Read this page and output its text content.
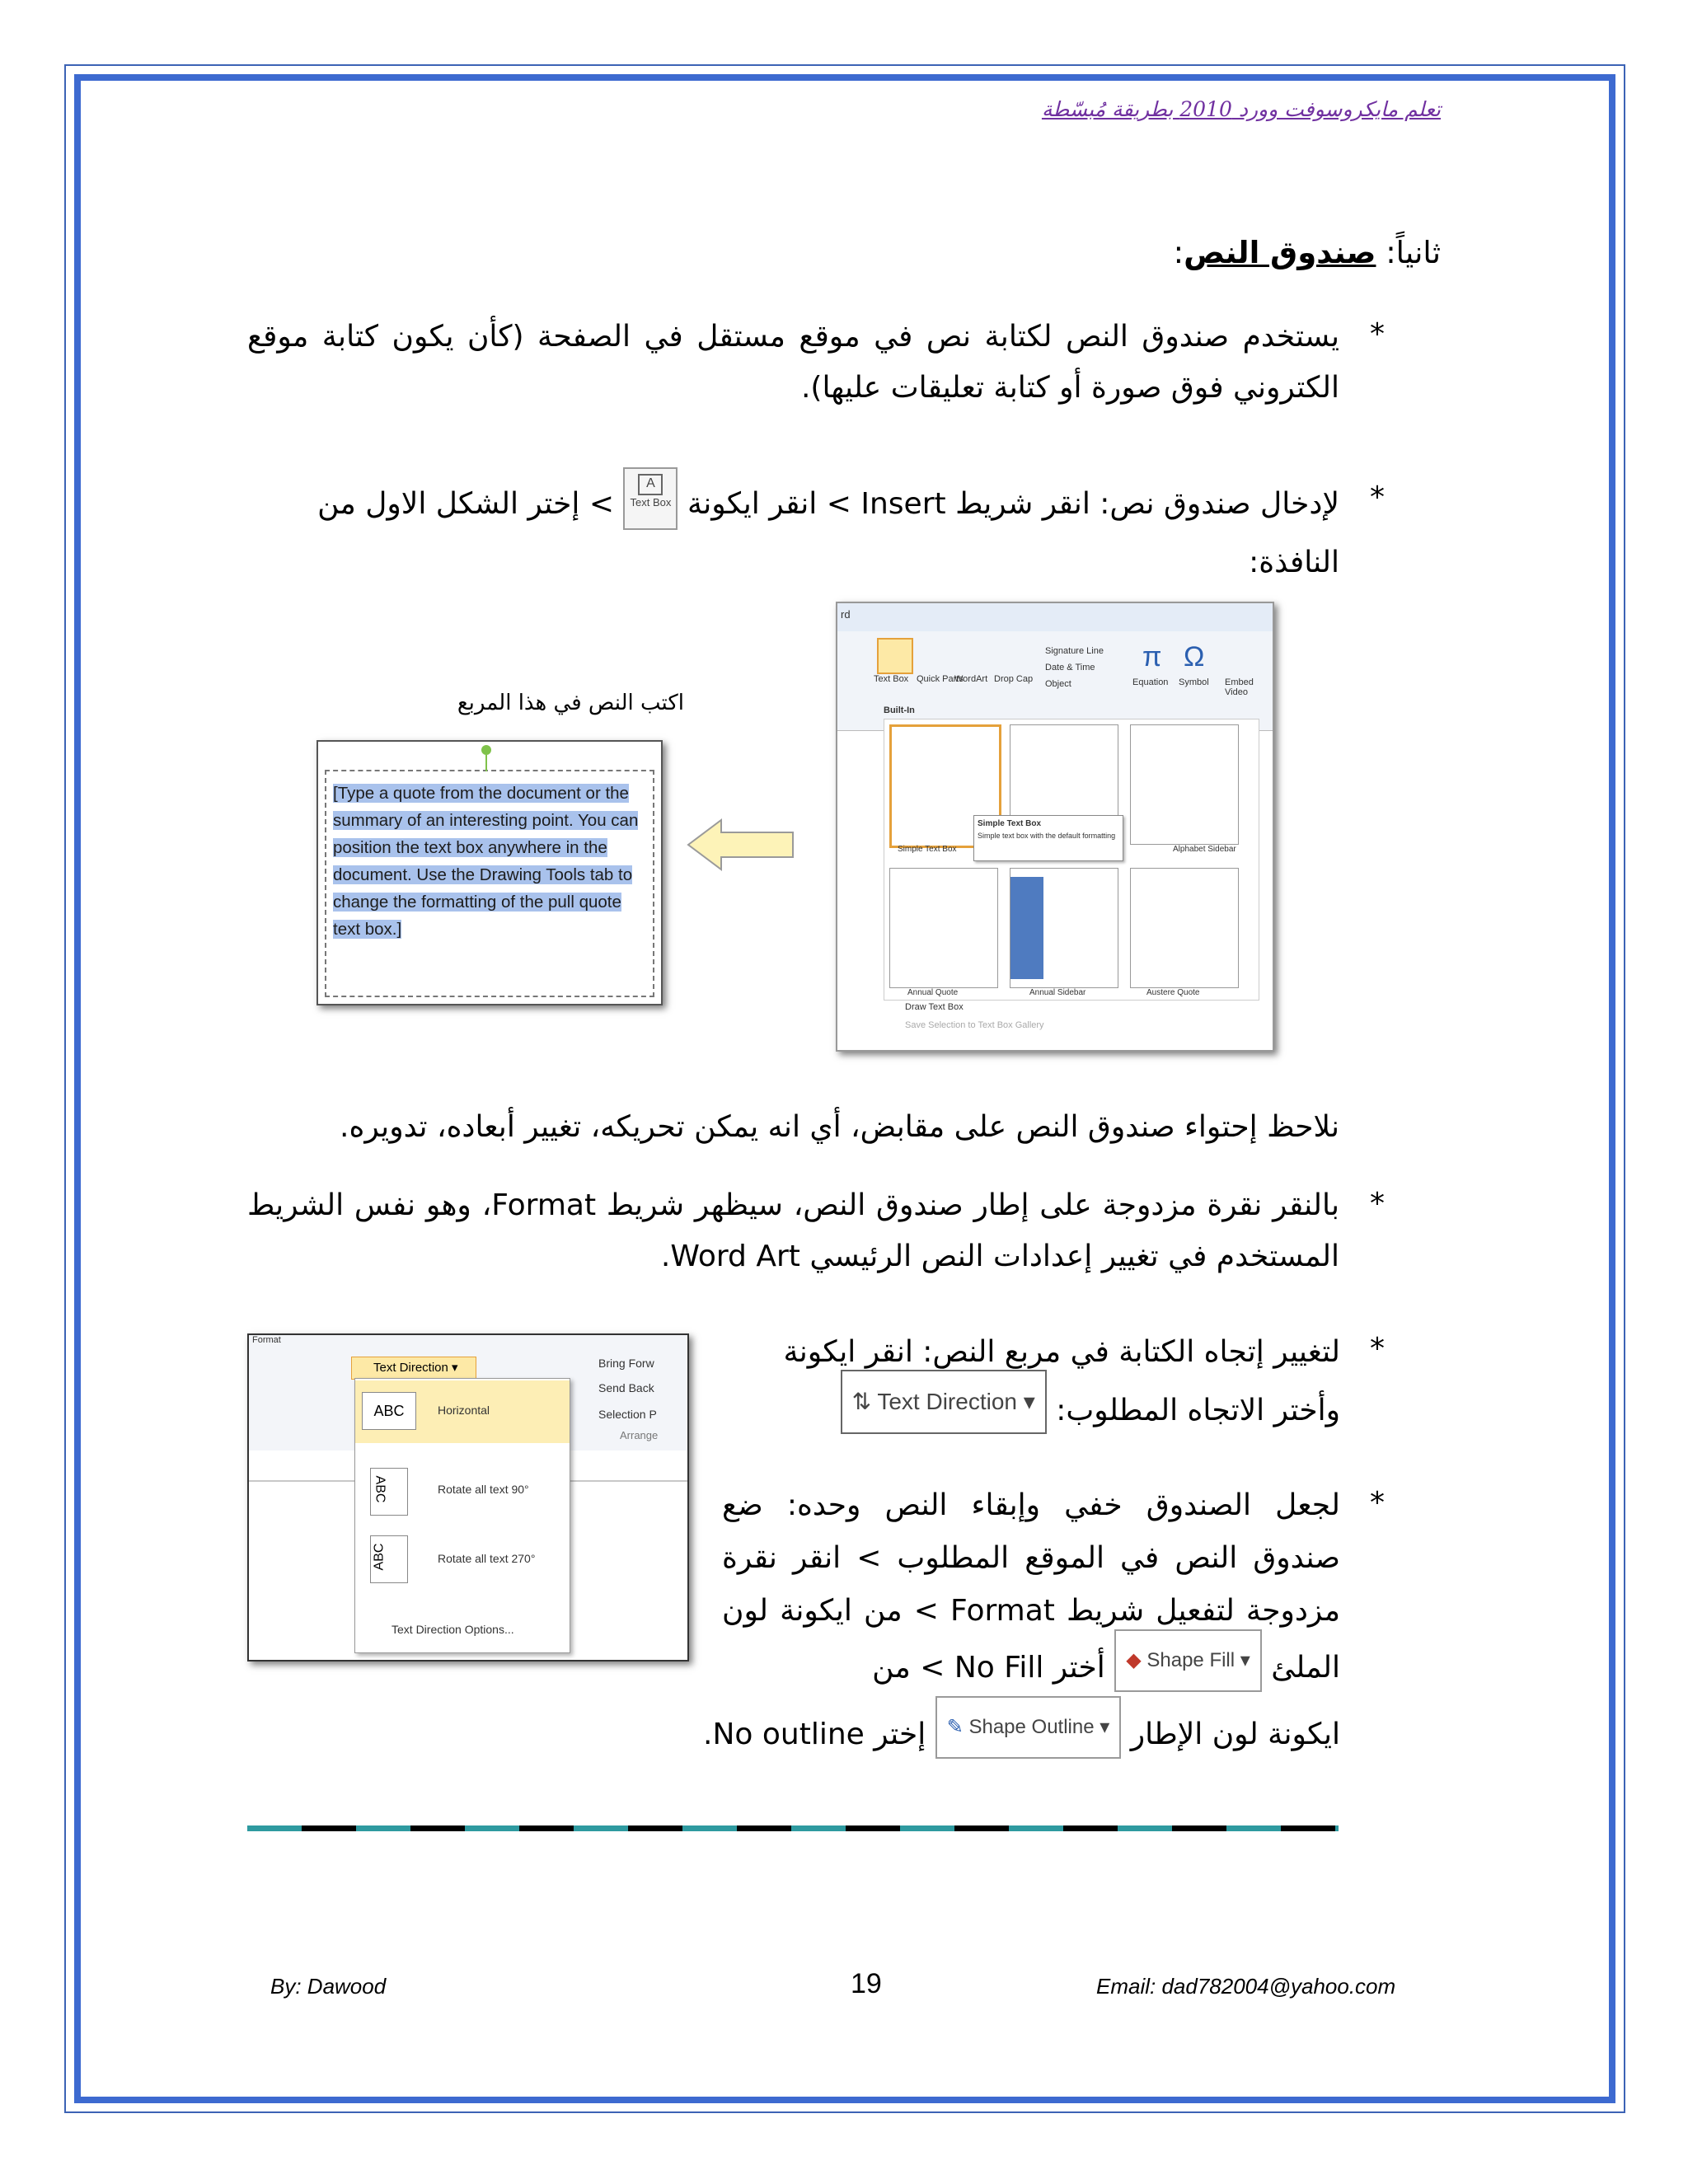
تعلم مايكروسوفت وورد 2010 بطريقة مُبسّطة
ثانياً: صندوق النص:
*
يستخدم صندوق النص لكتابة نص في موقع مستقل في الصفحة (كأن يكون كتابة موقع الكتروني فوق صورة أو كتابة تعليقات عليها).
*
لإدخال صندوق نص: انقر شريط Insert > انقر ايكونة
A
Text Box > إختر الشكل الاول من النافذة:
اكتب النص في هذا المربع
[Type a quote from the document or the summary of an interesting point. You can position the text box anywhere in the document. Use the Drawing Tools tab to change the formatting of the pull quote text box.]
rd
Text Box Quick Parts
WordArt Drop Cap
Signature Line
Date & Time
Object
π Ω
Equation Symbol Embed Video
Built-In
Simple Text Box	Alphabet Sidebar
Annual Quote	Annual Sidebar	Austere Quote
Simple Text Box
Simple text box with the default formatting
Draw Text Box
Save Selection to Text Box Gallery
نلاحظ إحتواء صندوق النص على مقابض، أي انه يمكن تحريكه، تغيير أبعاده، تدويره.
*
بالنقر نقرة مزدوجة على إطار صندوق النص، سيظهر شريط Format، وهو نفس الشريط المستخدم في تغيير إعدادات النص الرئيسي Word Art.
Format
Text Direction ▾	Bring Forw
Send Back
Selection P
Arrange
ABC	Horizontal
ABC	Rotate all text 90°
ABC	Rotate all text 270°
Text Direction Options...
*
لتغيير إتجاه الكتابة في مربع النص: انقر ايكونة
وأختر الاتجاه المطلوب: ⇅ Text Direction ▾
*
لجعل الصندوق خفي وإبقاء النص وحده: ضع صندوق النص في الموقع المطلوب > انقر نقرة مزدوجة لتفعيل شريط Format > من ايكونة لون الملئ ◆ Shape Fill ▾ أختر No Fill > من
ايكونة لون الإطار ✎ Shape Outline ▾ إختر No outline.
By: Dawood	19	Email: dad782004@yahoo.com
